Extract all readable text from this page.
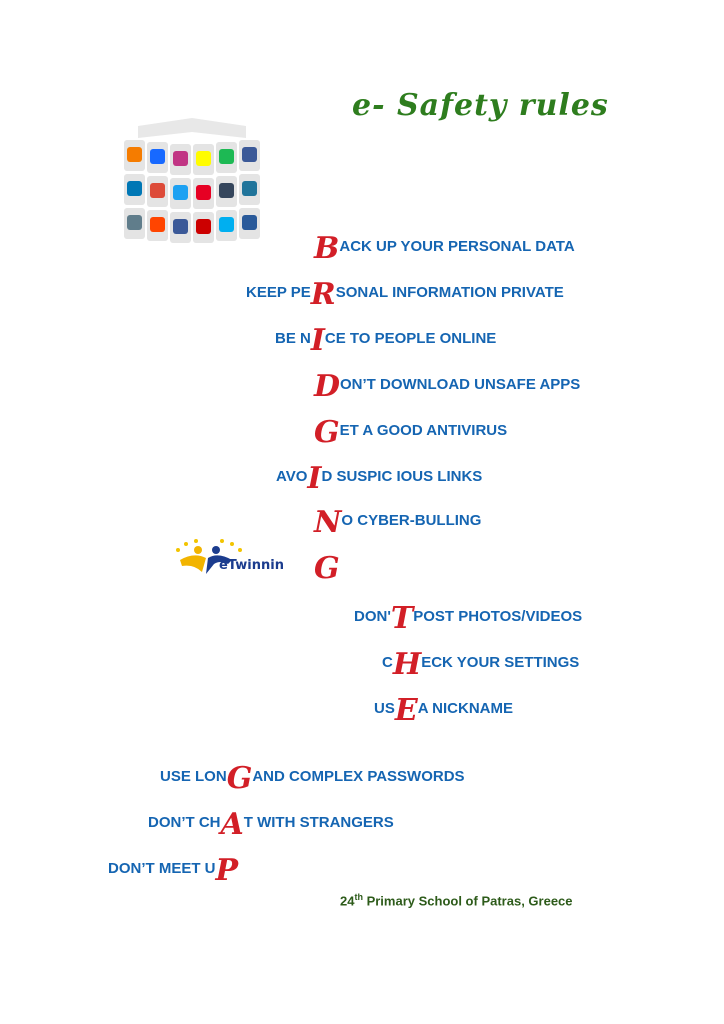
e- Safety rules
BACK UP YOUR PERSONAL DATA
KEEP PERSONAL INFORMATION PRIVATE
BE NICE TO PEOPLE ONLINE
DON’T DOWNLOAD UNSAFE APPS
GET A GOOD ANTIVIRUS
AVOID SUSPIC IOUS LINKS
NO CYBER-BULLING
G
DON'TPOST PHOTOS/VIDEOS
CHECK YOUR SETTINGS
USEA NICKNAME
USE LONGAND COMPLEX PASSWORDS
DON’T CHAT WITH STRANGERS
DON’T MEET UP
eTwinnin
24th Primary School of Patras, Greece
